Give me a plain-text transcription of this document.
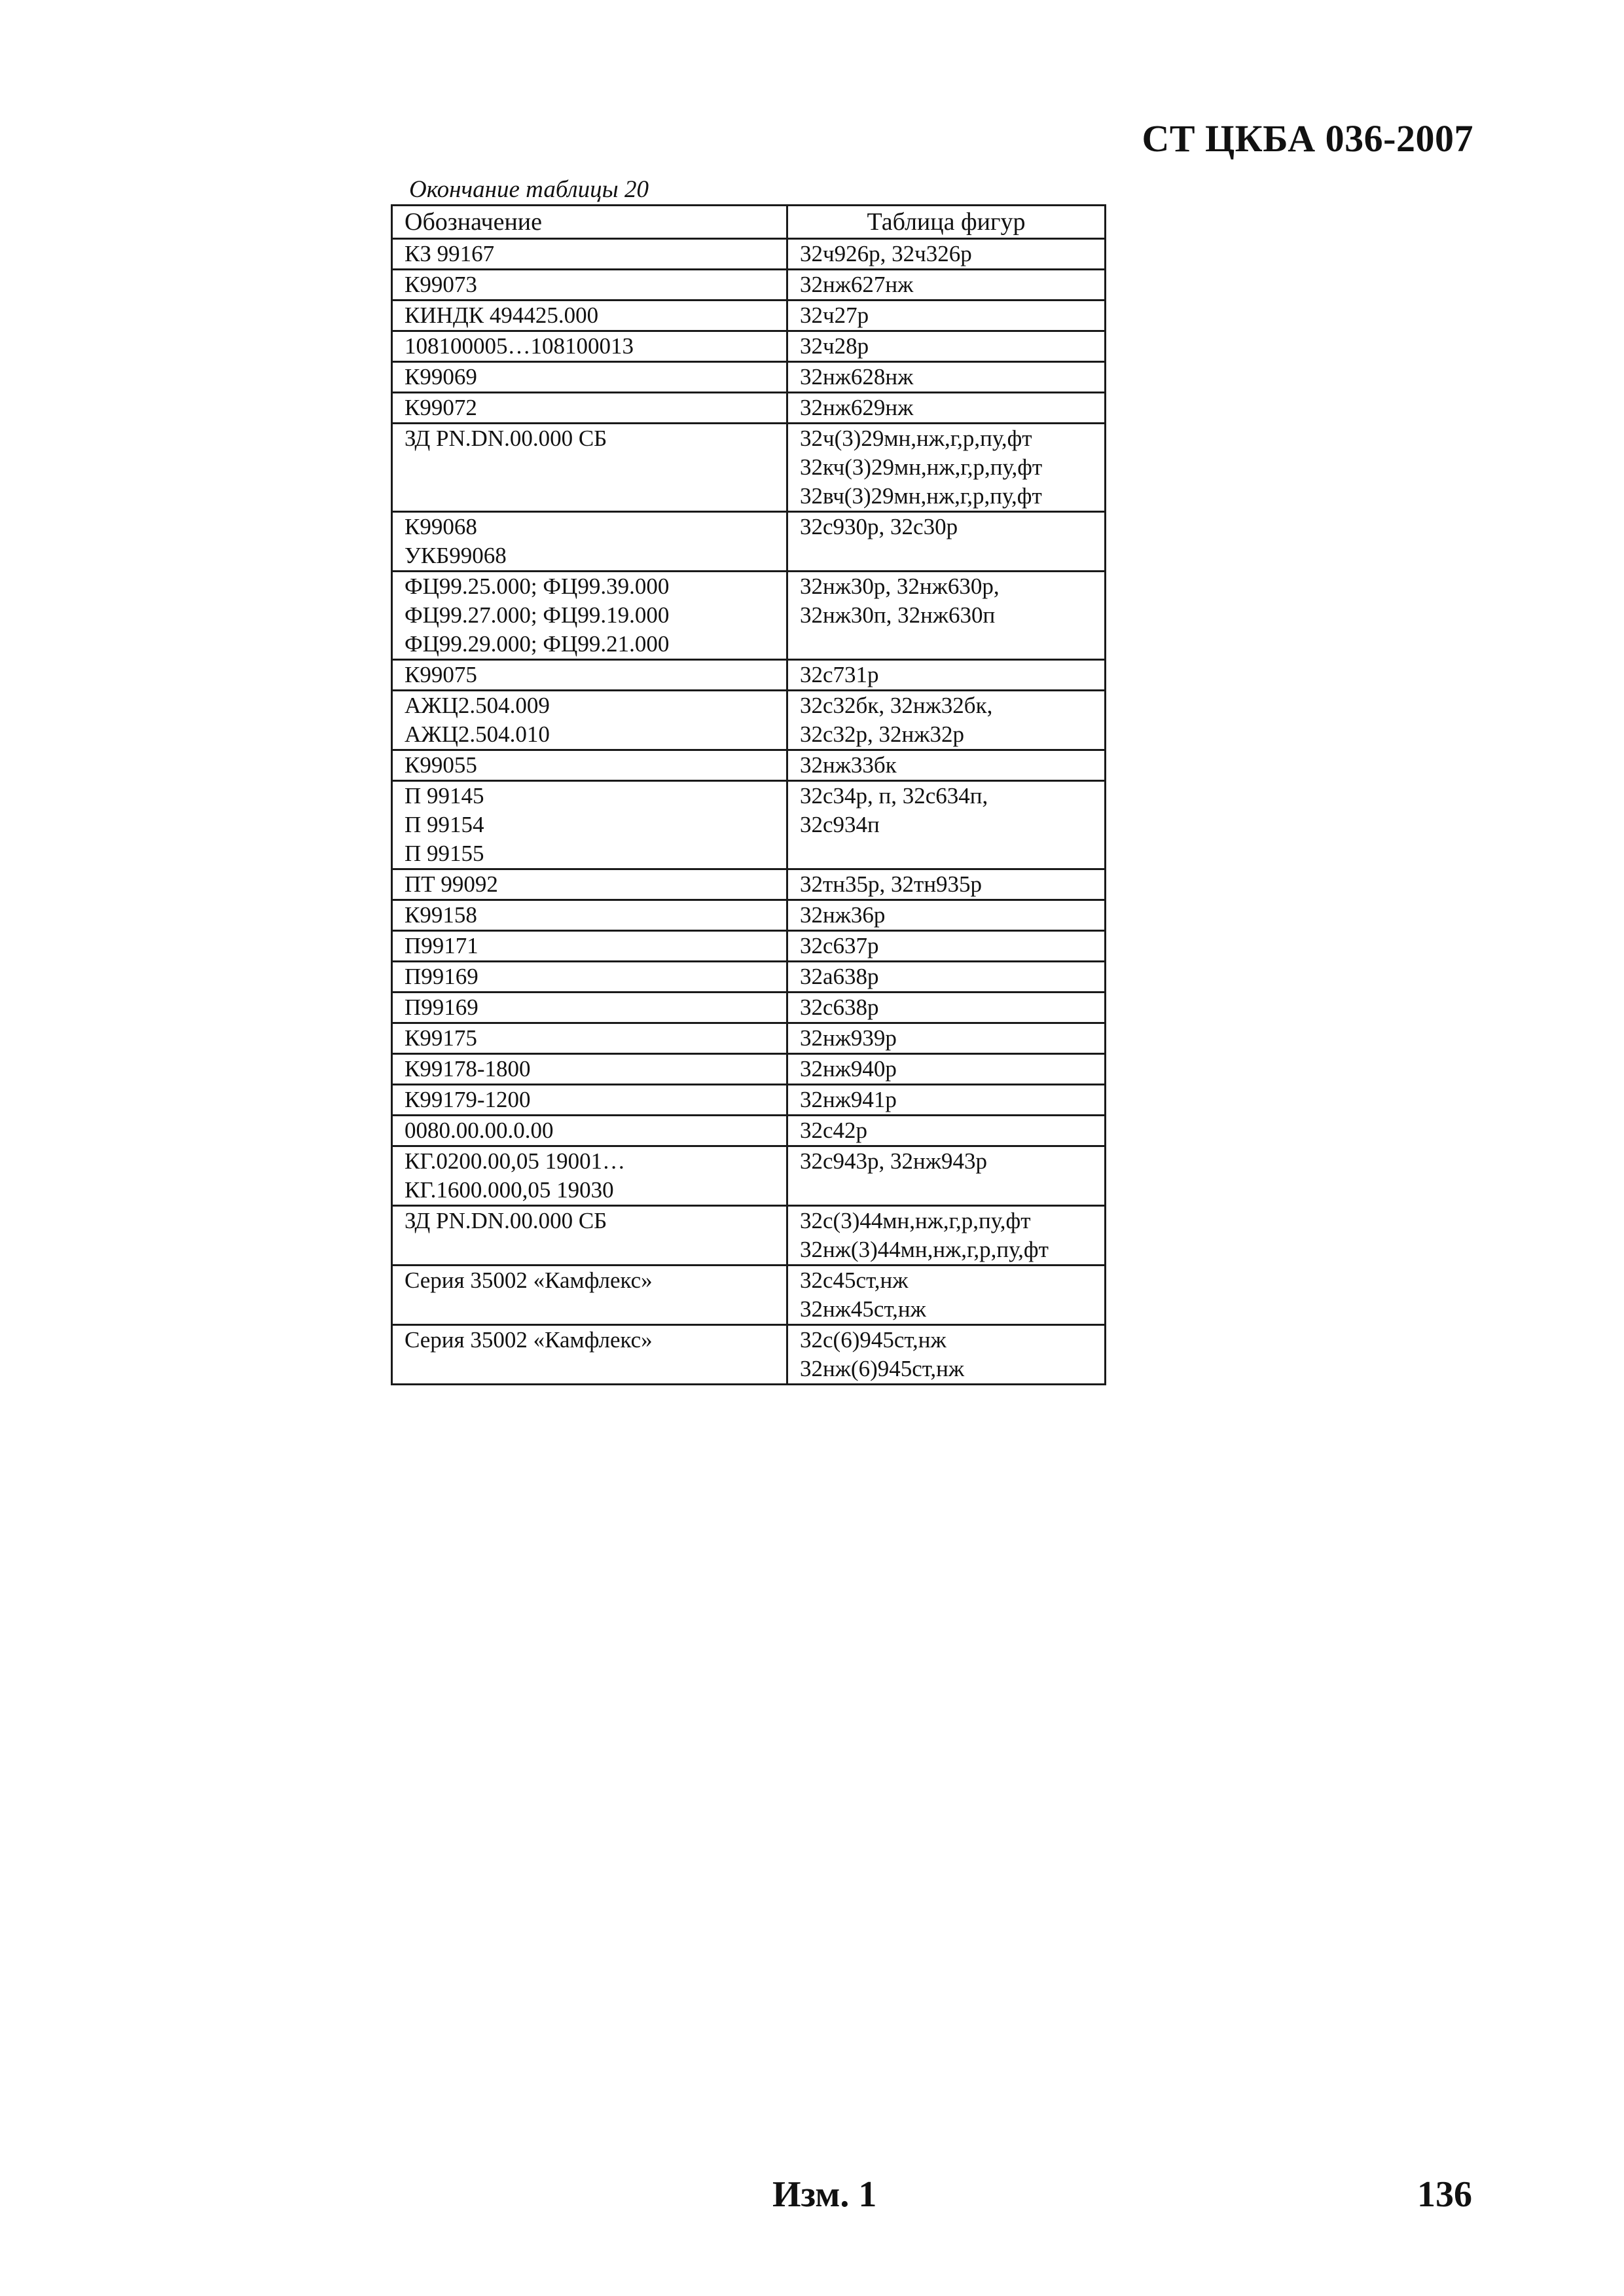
СТ ЦКБА 036-2007
Окончание таблицы 20
Обозначение	Таблица фигур

КЗ 99167	32ч926р, 32ч326р

К99073	32нж627нж

КИНДК 494425.000	32ч27р

108100005…108100013	32ч28р

К99069	32нж628нж

К99072	32нж629нж

ЗД PN.DN.00.000 СБ	32ч(3)29мн,нж,г,р,пу,фт
32кч(3)29мн,нж,г,р,пу,фт
32вч(3)29мн,нж,г,р,пу,фт

К99068
УКБ99068	32с930р, 32с30р

ФЦ99.25.000; ФЦ99.39.000
ФЦ99.27.000; ФЦ99.19.000
ФЦ99.29.000; ФЦ99.21.000	32нж30р, 32нж630р,
32нж30п, 32нж630п

К99075	32с731р

АЖЦ2.504.009
АЖЦ2.504.010	32с32бк, 32нж32бк,
32с32р, 32нж32р

К99055	32нж33бк

П 99145
П 99154
П 99155	32с34р, п, 32с634п,
32с934п

ПТ 99092	32тн35р, 32тн935р

К99158	32нж36р

П99171	32с637р

П99169	32а638р

П99169	32с638р

К99175	32нж939р

К99178-1800	32нж940р

К99179-1200	32нж941р

0080.00.00.0.00	32с42р

КГ.0200.00,05 19001…
КГ.1600.000,05 19030	32с943р, 32нж943р

ЗД PN.DN.00.000 СБ	32с(3)44мн,нж,г,р,пу,фт
32нж(3)44мн,нж,г,р,пу,фт

Серия 35002 «Камфлекс»	32с45ст,нж
32нж45ст,нж

Серия 35002 «Камфлекс»	32с(6)945ст,нж
32нж(6)945ст,нж
Изм. 1	136
